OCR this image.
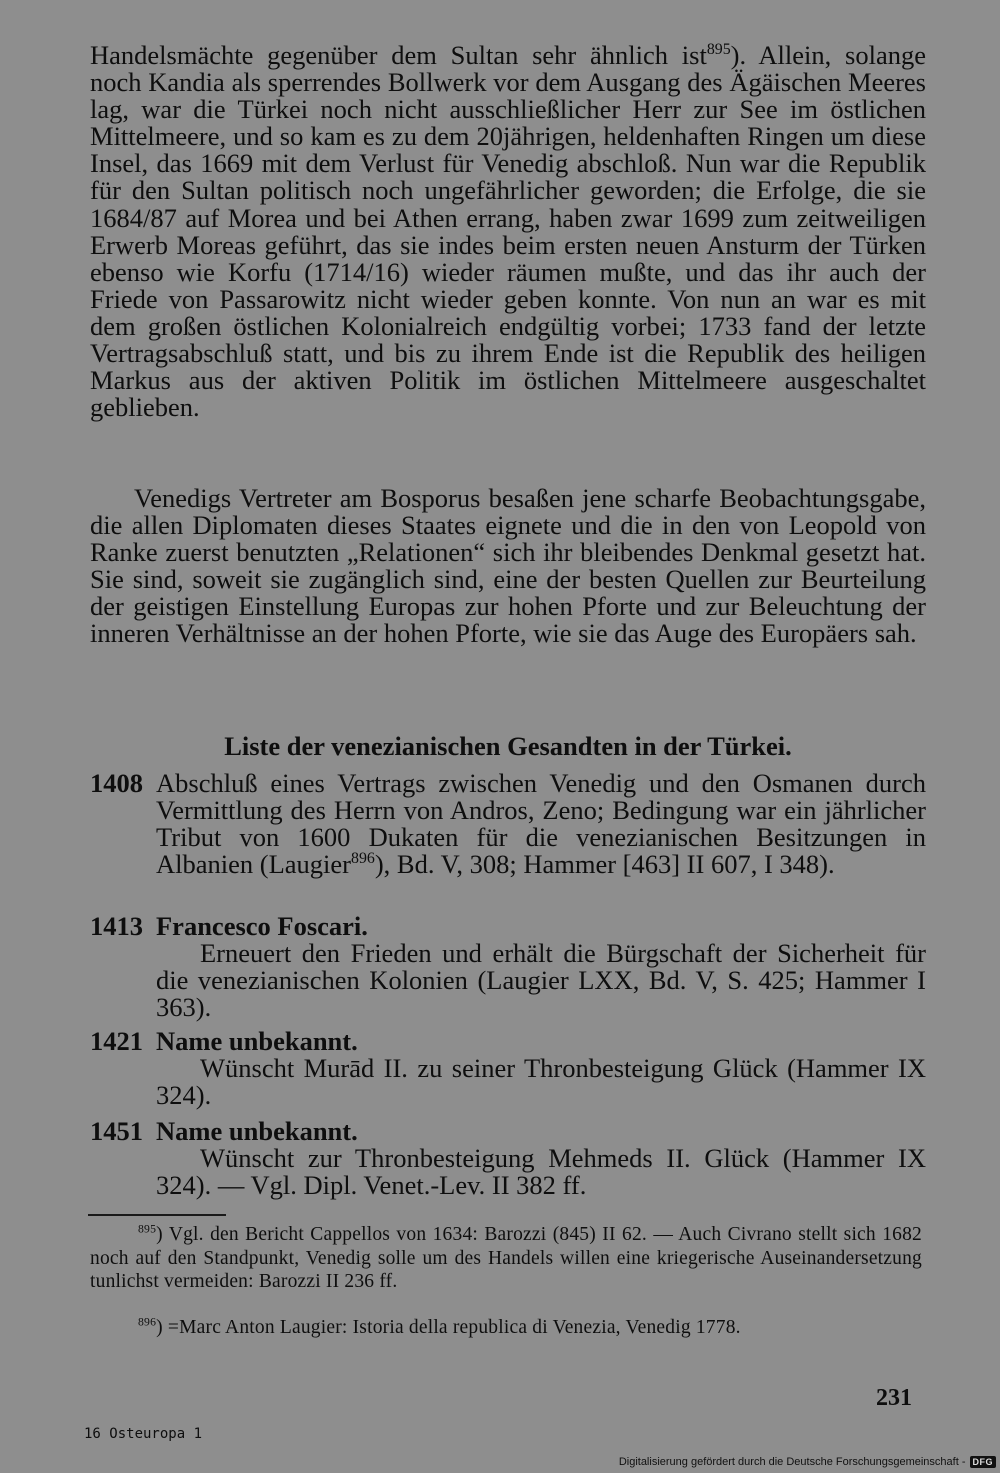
Handelsmächte gegenüber dem Sultan sehr ähnlich ist$^{895}$). Allein, solange noch Kandia als sperrendes Bollwerk vor dem Ausgang des Ägäischen Meeres lag, war die Türkei noch nicht ausschließlicher Herr zur See im östlichen Mittelmeere, und so kam es zu dem 20jährigen, heldenhaften Ringen um diese Insel, das 1669 mit dem Verlust für Venedig abschloß. Nun war die Republik für den Sultan politisch noch ungefährlicher geworden; die Erfolge, die sie 1684/87 auf Morea und bei Athen errang, haben zwar 1699 zum zeitweiligen Erwerb Moreas geführt, das sie indes beim ersten neuen Ansturm der Türken ebenso wie Korfu (1714/16) wieder räumen mußte, und das ihr auch der Friede von Passarowitz nicht wieder geben konnte. Von nun an war es mit dem großen östlichen Kolonialreich endgültig vorbei; 1733 fand der letzte Vertragsabschluß statt, und bis zu ihrem Ende ist die Republik des heiligen Markus aus der aktiven Politik im östlichen Mittelmeere ausgeschaltet geblieben.

Venedigs Vertreter am Bosporus besaßen jene scharfe Beobachtungsgabe, die allen Diplomaten dieses Staates eignete und die in den von Leopold von Ranke zuerst benutzten „Relationen“ sich ihr bleibendes Denkmal gesetzt hat. Sie sind, soweit sie zugänglich sind, eine der besten Quellen zur Beurteilung der geistigen Einstellung Europas zur hohen Pforte und zur Beleuchtung der inneren Verhältnisse an der hohen Pforte, wie sie das Auge des Europäers sah.

Liste der venezianischen Gesandten in der Türkei.
1408 Abschluß eines Vertrags zwischen Venedig und den Osmanen durch Vermittlung des Herrn von Andros, Zeno; Bedingung war ein jährlicher Tribut von 1600 Dukaten für die venezianischen Besitzungen in Albanien (Laugier$^{896}$), Bd. V, 308; Hammer [463] II 607, I 348).
1413 Francesco Foscari.
Erneuert den Frieden und erhält die Bürgschaft der Sicherheit für die venezianischen Kolonien (Laugier LXX, Bd. V, S. 425; Hammer I 363).
1421 Name unbekannt.
Wünscht Murād II. zu seiner Thronbesteigung Glück (Hammer IX 324).
1451 Name unbekannt.
Wünscht zur Thronbesteigung Mehmeds II. Glück (Hammer IX 324). — Vgl. Dipl. Venet.-Lev. II 382 ff.

$^{895}$) Vgl. den Bericht Cappellos von 1634: Barozzi (845) II 62. — Auch Civrano stellt sich 1682 noch auf den Standpunkt, Venedig solle um des Handels willen eine kriegerische Auseinandersetzung tunlichst vermeiden: Barozzi II 236 ff.

$^{896}$) =Marc Anton Laugier: Istoria della republica di Venezia, Venedig 1778.

231
16 Osteuropa 1
Digitalisierung gefördert durch die Deutsche Forschungsgemeinschaft - DFG
